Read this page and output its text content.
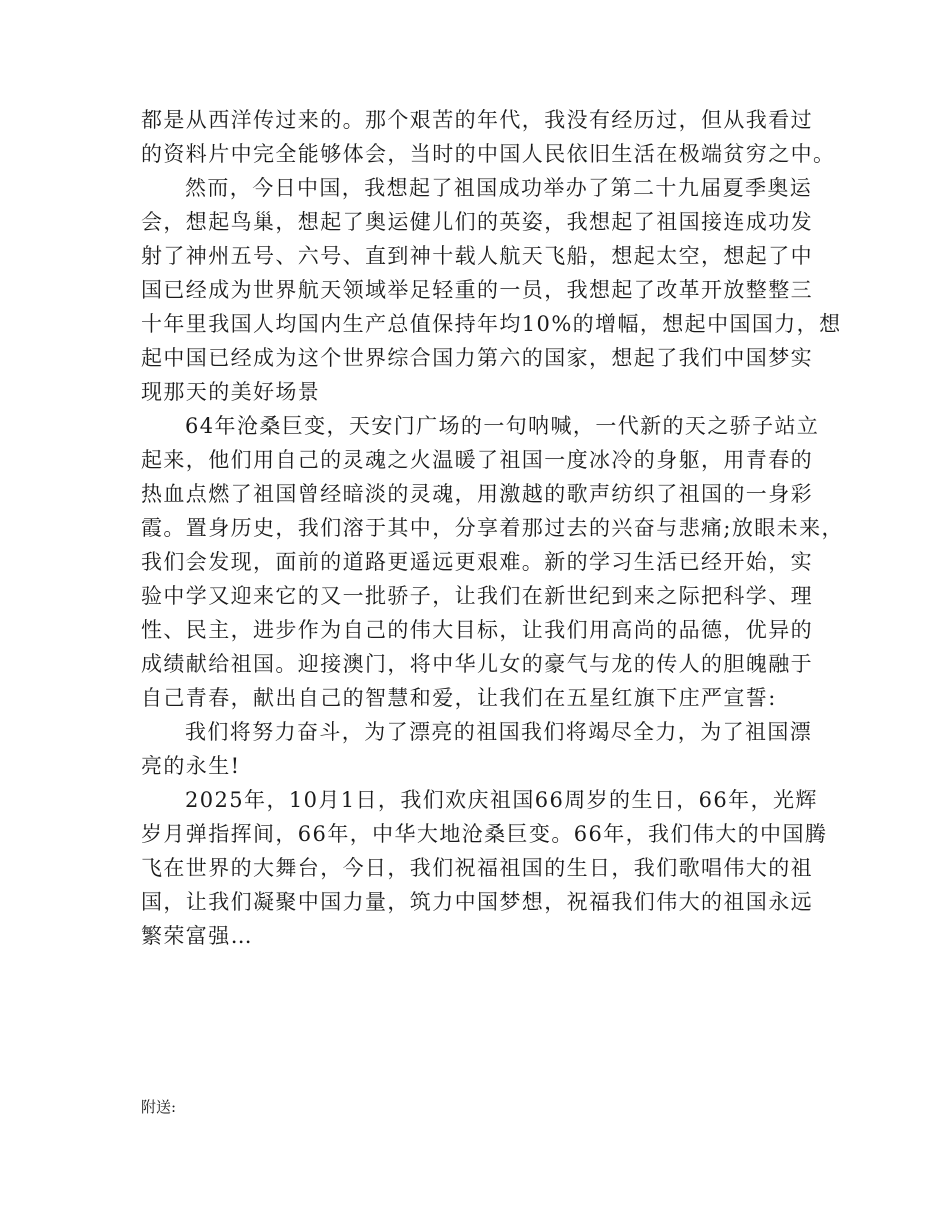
都是从西洋传过来的。那个艰苦的年代，我没有经历过，但从我看过
的资料片中完全能够体会，当时的中国人民依旧生活在极端贫穷之中。
然而，今日中国，我想起了祖国成功举办了第二十九届夏季奥运
会，想起鸟巢，想起了奥运健儿们的英姿，我想起了祖国接连成功发
射了神州五号、六号、直到神十载人航天飞船，想起太空，想起了中
国已经成为世界航天领域举足轻重的一员，我想起了改革开放整整三
十年里我国人均国内生产总值保持年均10%的增幅，想起中国国力，想
起中国已经成为这个世界综合国力第六的国家，想起了我们中国梦实
现那天的美好场景
64年沧桑巨变，天安门广场的一句呐喊，一代新的天之骄子站立
起来，他们用自己的灵魂之火温暖了祖国一度冰冷的身躯，用青春的
热血点燃了祖国曾经暗淡的灵魂，用激越的歌声纺织了祖国的一身彩
霞。置身历史，我们溶于其中，分享着那过去的兴奋与悲痛;放眼未来，
我们会发现，面前的道路更遥远更艰难。新的学习生活已经开始，实
验中学又迎来它的又一批骄子，让我们在新世纪到来之际把科学、理
性、民主，进步作为自己的伟大目标，让我们用高尚的品德，优异的
成绩献给祖国。迎接澳门，将中华儿女的豪气与龙的传人的胆魄融于
自己青春，献出自己的智慧和爱，让我们在五星红旗下庄严宣誓:
我们将努力奋斗，为了漂亮的祖国我们将竭尽全力，为了祖国漂
亮的永生!
2025年，10月1日，我们欢庆祖国66周岁的生日，66年，光辉
岁月弹指挥间，66年，中华大地沧桑巨变。66年，我们伟大的中国腾
飞在世界的大舞台，今日，我们祝福祖国的生日，我们歌唱伟大的祖
国，让我们凝聚中国力量，筑力中国梦想，祝福我们伟大的祖国永远
繁荣富强…
附送:
